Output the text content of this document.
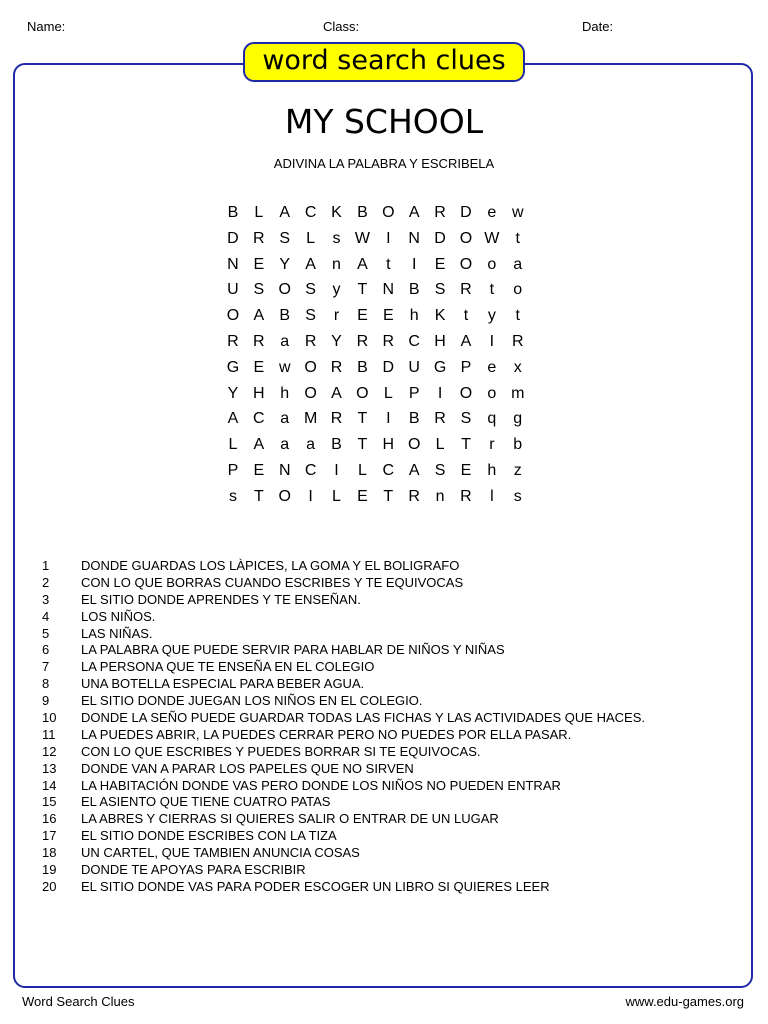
Name:	Class:	Date:
word search clues
MY SCHOOL
ADIVINA LA PALABRA Y ESCRIBELA
B	L	A C K B O A R D e w
D R S	L	s W	I	N D O W	t
N E Y A	n	A	t	I	E O o	a
U S O S	y	T N B S R	t	o
O A B S	r	E E	h	K	t	y	t
R R a R Y R R C H A	I	R
G E w O R B D U G P	e	x
Y H h O A O L	P	I	O o m
A C a M R T	I	B R S	q	g
L	A	a	a	B T H O L	T	r	b
P E N C	I	L C A S E	h	z
s	T O	I	L	E T R n R	l	s
1 DONDE GUARDAS LOS LÀPICES, LA GOMA Y EL BOLIGRAFO
2 CON LO QUE BORRAS CUANDO ESCRIBES Y TE EQUIVOCAS
3 EL SITIO DONDE APRENDES Y TE ENSEÑAN.
4 LOS NIÑOS.
5 LAS NIÑAS.
6 LA PALABRA QUE PUEDE SERVIR PARA HABLAR DE NIÑOS Y NIÑAS
7 LA PERSONA QUE TE ENSEÑA EN EL COLEGIO
8 UNA BOTELLA ESPECIAL PARA BEBER AGUA.
9 EL SITIO DONDE JUEGAN LOS NIÑOS EN EL COLEGIO.
10 DONDE LA SEÑO PUEDE GUARDAR TODAS LAS FICHAS Y LAS ACTIVIDADES QUE HACES.
11 LA PUEDES ABRIR, LA PUEDES CERRAR PERO NO PUEDES POR ELLA PASAR.
12 CON LO QUE ESCRIBES Y PUEDES BORRAR SI TE EQUIVOCAS.
13 DONDE VAN A PARAR LOS PAPELES QUE NO SIRVEN
14 LA HABITACIÓN DONDE VAS PERO DONDE LOS NIÑOS NO PUEDEN ENTRAR
15 EL ASIENTO QUE TIENE CUATRO PATAS
16 LA ABRES Y CIERRAS SI QUIERES SALIR O ENTRAR DE UN LUGAR
17 EL SITIO DONDE ESCRIBES CON LA TIZA
18 UN CARTEL, QUE TAMBIEN ANUNCIA COSAS
19 DONDE TE APOYAS PARA ESCRIBIR
20 EL SITIO DONDE VAS PARA PODER ESCOGER UN LIBRO SI QUIERES LEER
Word Search Clues	www.edu-games.org
